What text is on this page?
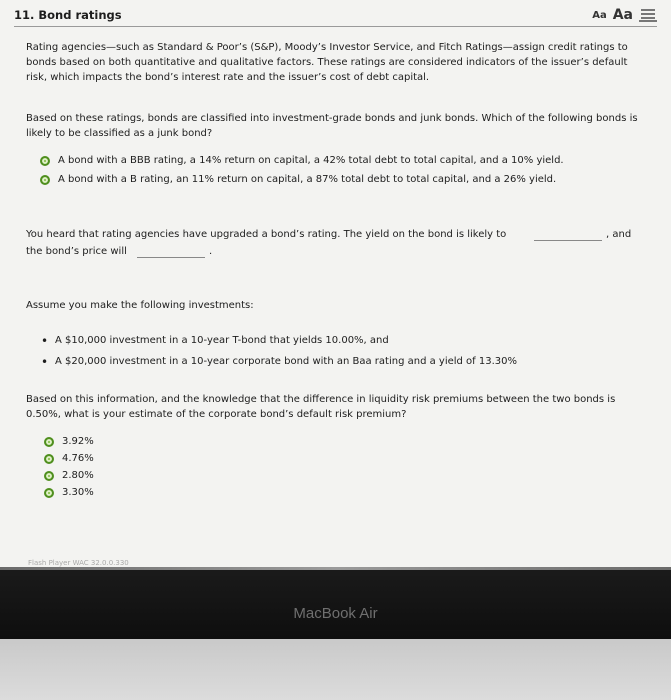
11. Bond ratings	Aa Aa
Rating agencies—such as Standard & Poor’s (S&P), Moody’s Investor Service, and Fitch Ratings—assign credit ratings to bonds based on both quantitative and qualitative factors. These ratings are considered indicators of the issuer’s default risk, which impacts the bond’s interest rate and the issuer’s cost of debt capital.
Based on these ratings, bonds are classified into investment-grade bonds and junk bonds. Which of the following bonds is likely to be classified as a junk bond?
A bond with a BBB rating, a 14% return on capital, a 42% total debt to total capital, and a 10% yield.
A bond with a B rating, an 11% return on capital, a 87% total debt to total capital, and a 26% yield.
You heard that rating agencies have upgraded a bond’s rating. The yield on the bond is likely to	, and
the bond’s price will	.
Assume you make the following investments:
• A $10,000 investment in a 10-year T-bond that yields 10.00%, and
• A $20,000 investment in a 10-year corporate bond with an Baa rating and a yield of 13.30%
Based on this information, and the knowledge that the difference in liquidity risk premiums between the two bonds is 0.50%, what is your estimate of the corporate bond’s default risk premium?
3.92%
4.76%
2.80%
3.30%
Flash Player WAC 32.0.0.330
MacBook Air
